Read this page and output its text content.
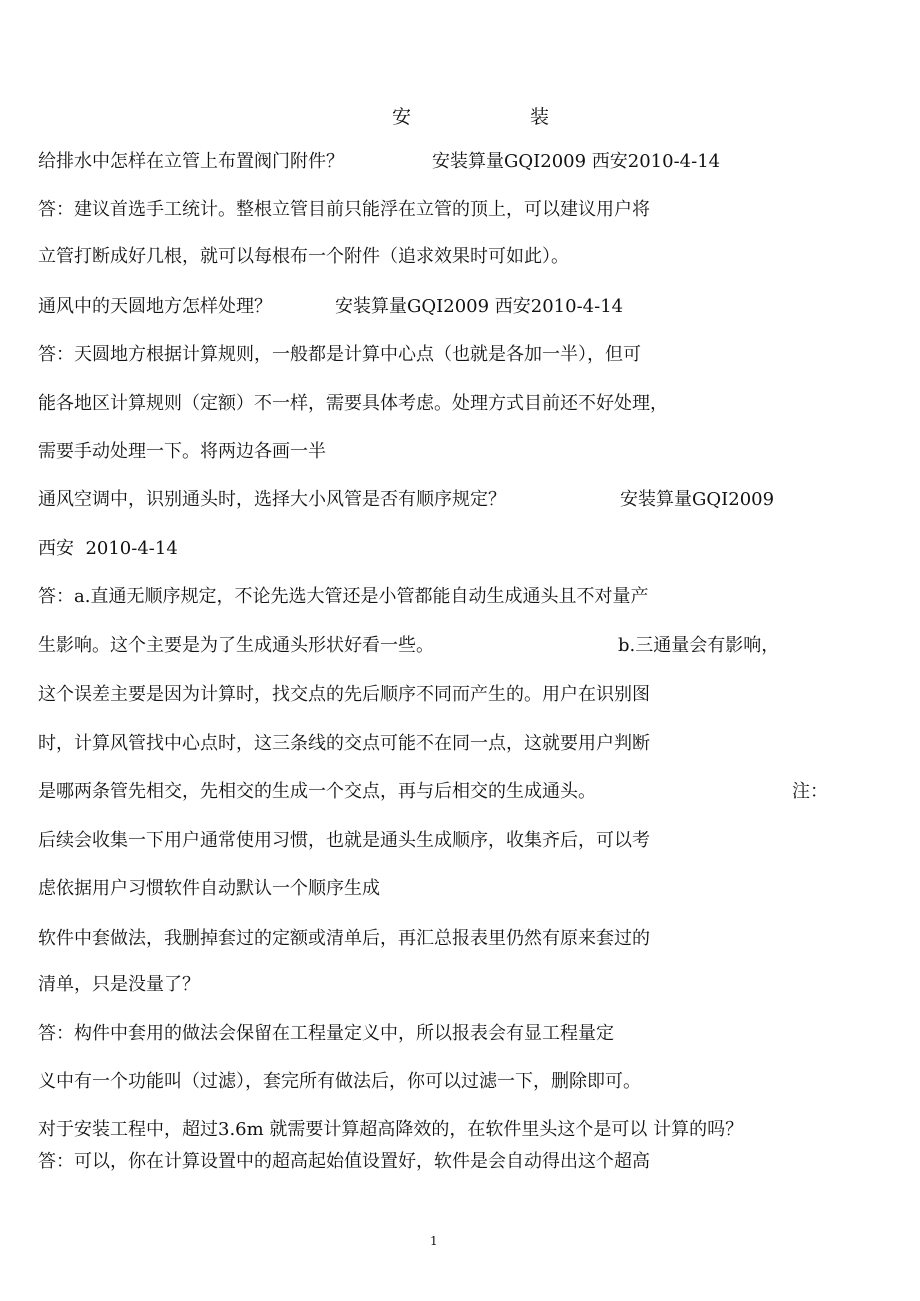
安	装
给排水中怎样在立管上布置阀门附件？	安装算量GQI2009 西安2010-4-14
答：建议首选手工统计。整根立管目前只能浮在立管的顶上，可以建议用户将
立管打断成好几根，就可以每根布一个附件（追求效果时可如此）。
通风中的天圆地方怎样处理？	安装算量GQI2009 西安2010-4-14
答：天圆地方根据计算规则，一般都是计算中心点（也就是各加一半），但可
能各地区计算规则（定额）不一样，需要具体考虑。处理方式目前还不好处理，
需要手动处理一下。将两边各画一半
通风空调中，识别通头时，选择大小风管是否有顺序规定？	安装算量GQI2009
西安  2010-4-14
答：a.直通无顺序规定，不论先选大管还是小管都能自动生成通头且不对量产
生影响。这个主要是为了生成通头形状好看一些。	b.三通量会有影响，
这个误差主要是因为计算时，找交点的先后顺序不同而产生的。用户在识别图
时，计算风管找中心点时，这三条线的交点可能不在同一点，这就要用户判断
是哪两条管先相交，先相交的生成一个交点，再与后相交的生成通头。	注：
后续会收集一下用户通常使用习惯，也就是通头生成顺序，收集齐后，可以考
虑依据用户习惯软件自动默认一个顺序生成
软件中套做法，我删掉套过的定额或清单后，再汇总报表里仍然有原来套过的
清单，只是没量了？
答：构件中套用的做法会保留在工程量定义中，所以报表会有显工程量定
义中有一个功能叫（过滤），套完所有做法后，你可以过滤一下，删除即可。
对于安装工程中，超过3.6m 就需要计算超高降效的，在软件里头这个是可以 计算的吗？
答：可以，你在计算设置中的超高起始值设置好，软件是会自动得出这个超高
1
